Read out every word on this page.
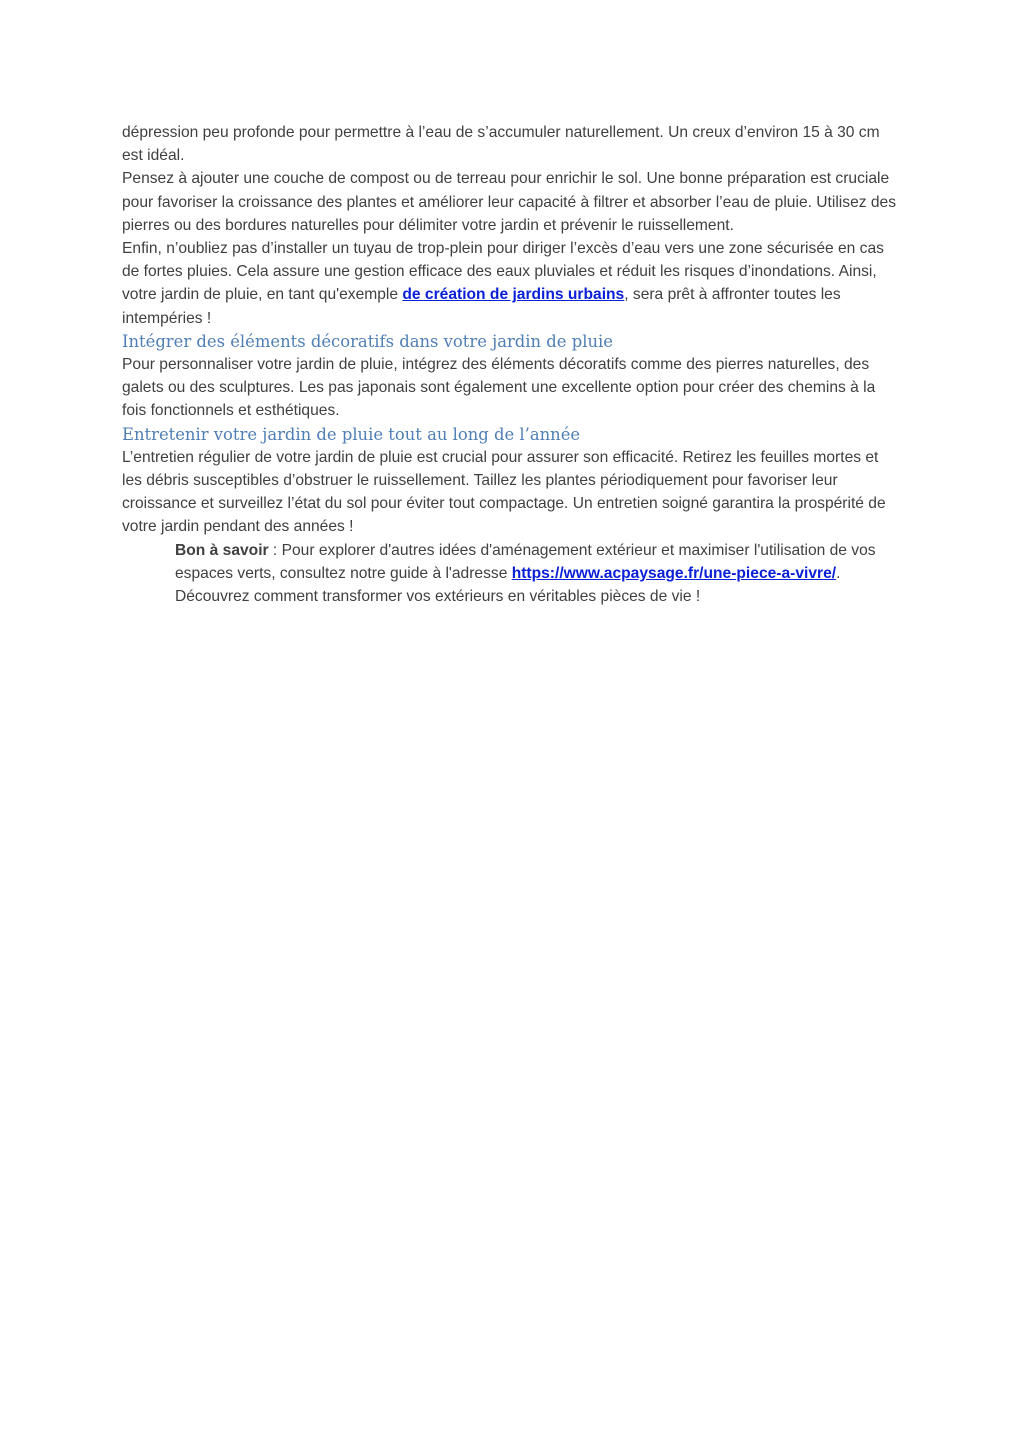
dépression peu profonde pour permettre à l’eau de s’accumuler naturellement. Un creux d’environ 15 à 30 cm est idéal.

Pensez à ajouter une couche de compost ou de terreau pour enrichir le sol. Une bonne préparation est cruciale pour favoriser la croissance des plantes et améliorer leur capacité à filtrer et absorber l’eau de pluie. Utilisez des pierres ou des bordures naturelles pour délimiter votre jardin et prévenir le ruissellement.

Enfin, n’oubliez pas d’installer un tuyau de trop-plein pour diriger l’excès d’eau vers une zone sécurisée en cas de fortes pluies. Cela assure une gestion efficace des eaux pluviales et réduit les risques d’inondations. Ainsi, votre jardin de pluie, en tant qu'exemple de création de jardins urbains, sera prêt à affronter toutes les intempéries !

Intégrer des éléments décoratifs dans votre jardin de pluie

Pour personnaliser votre jardin de pluie, intégrez des éléments décoratifs comme des pierres naturelles, des galets ou des sculptures. Les pas japonais sont également une excellente option pour créer des chemins à la fois fonctionnels et esthétiques.

Entretenir votre jardin de pluie tout au long de l’année

L’entretien régulier de votre jardin de pluie est crucial pour assurer son efficacité. Retirez les feuilles mortes et les débris susceptibles d’obstruer le ruissellement. Taillez les plantes périodiquement pour favoriser leur croissance et surveillez l’état du sol pour éviter tout compactage. Un entretien soigné garantira la prospérité de votre jardin pendant des années !

Bon à savoir : Pour explorer d'autres idées d'aménagement extérieur et maximiser l'utilisation de vos espaces verts, consultez notre guide à l'adresse https://www.acpaysage.fr/une-piece-a-vivre/. Découvrez comment transformer vos extérieurs en véritables pièces de vie !
